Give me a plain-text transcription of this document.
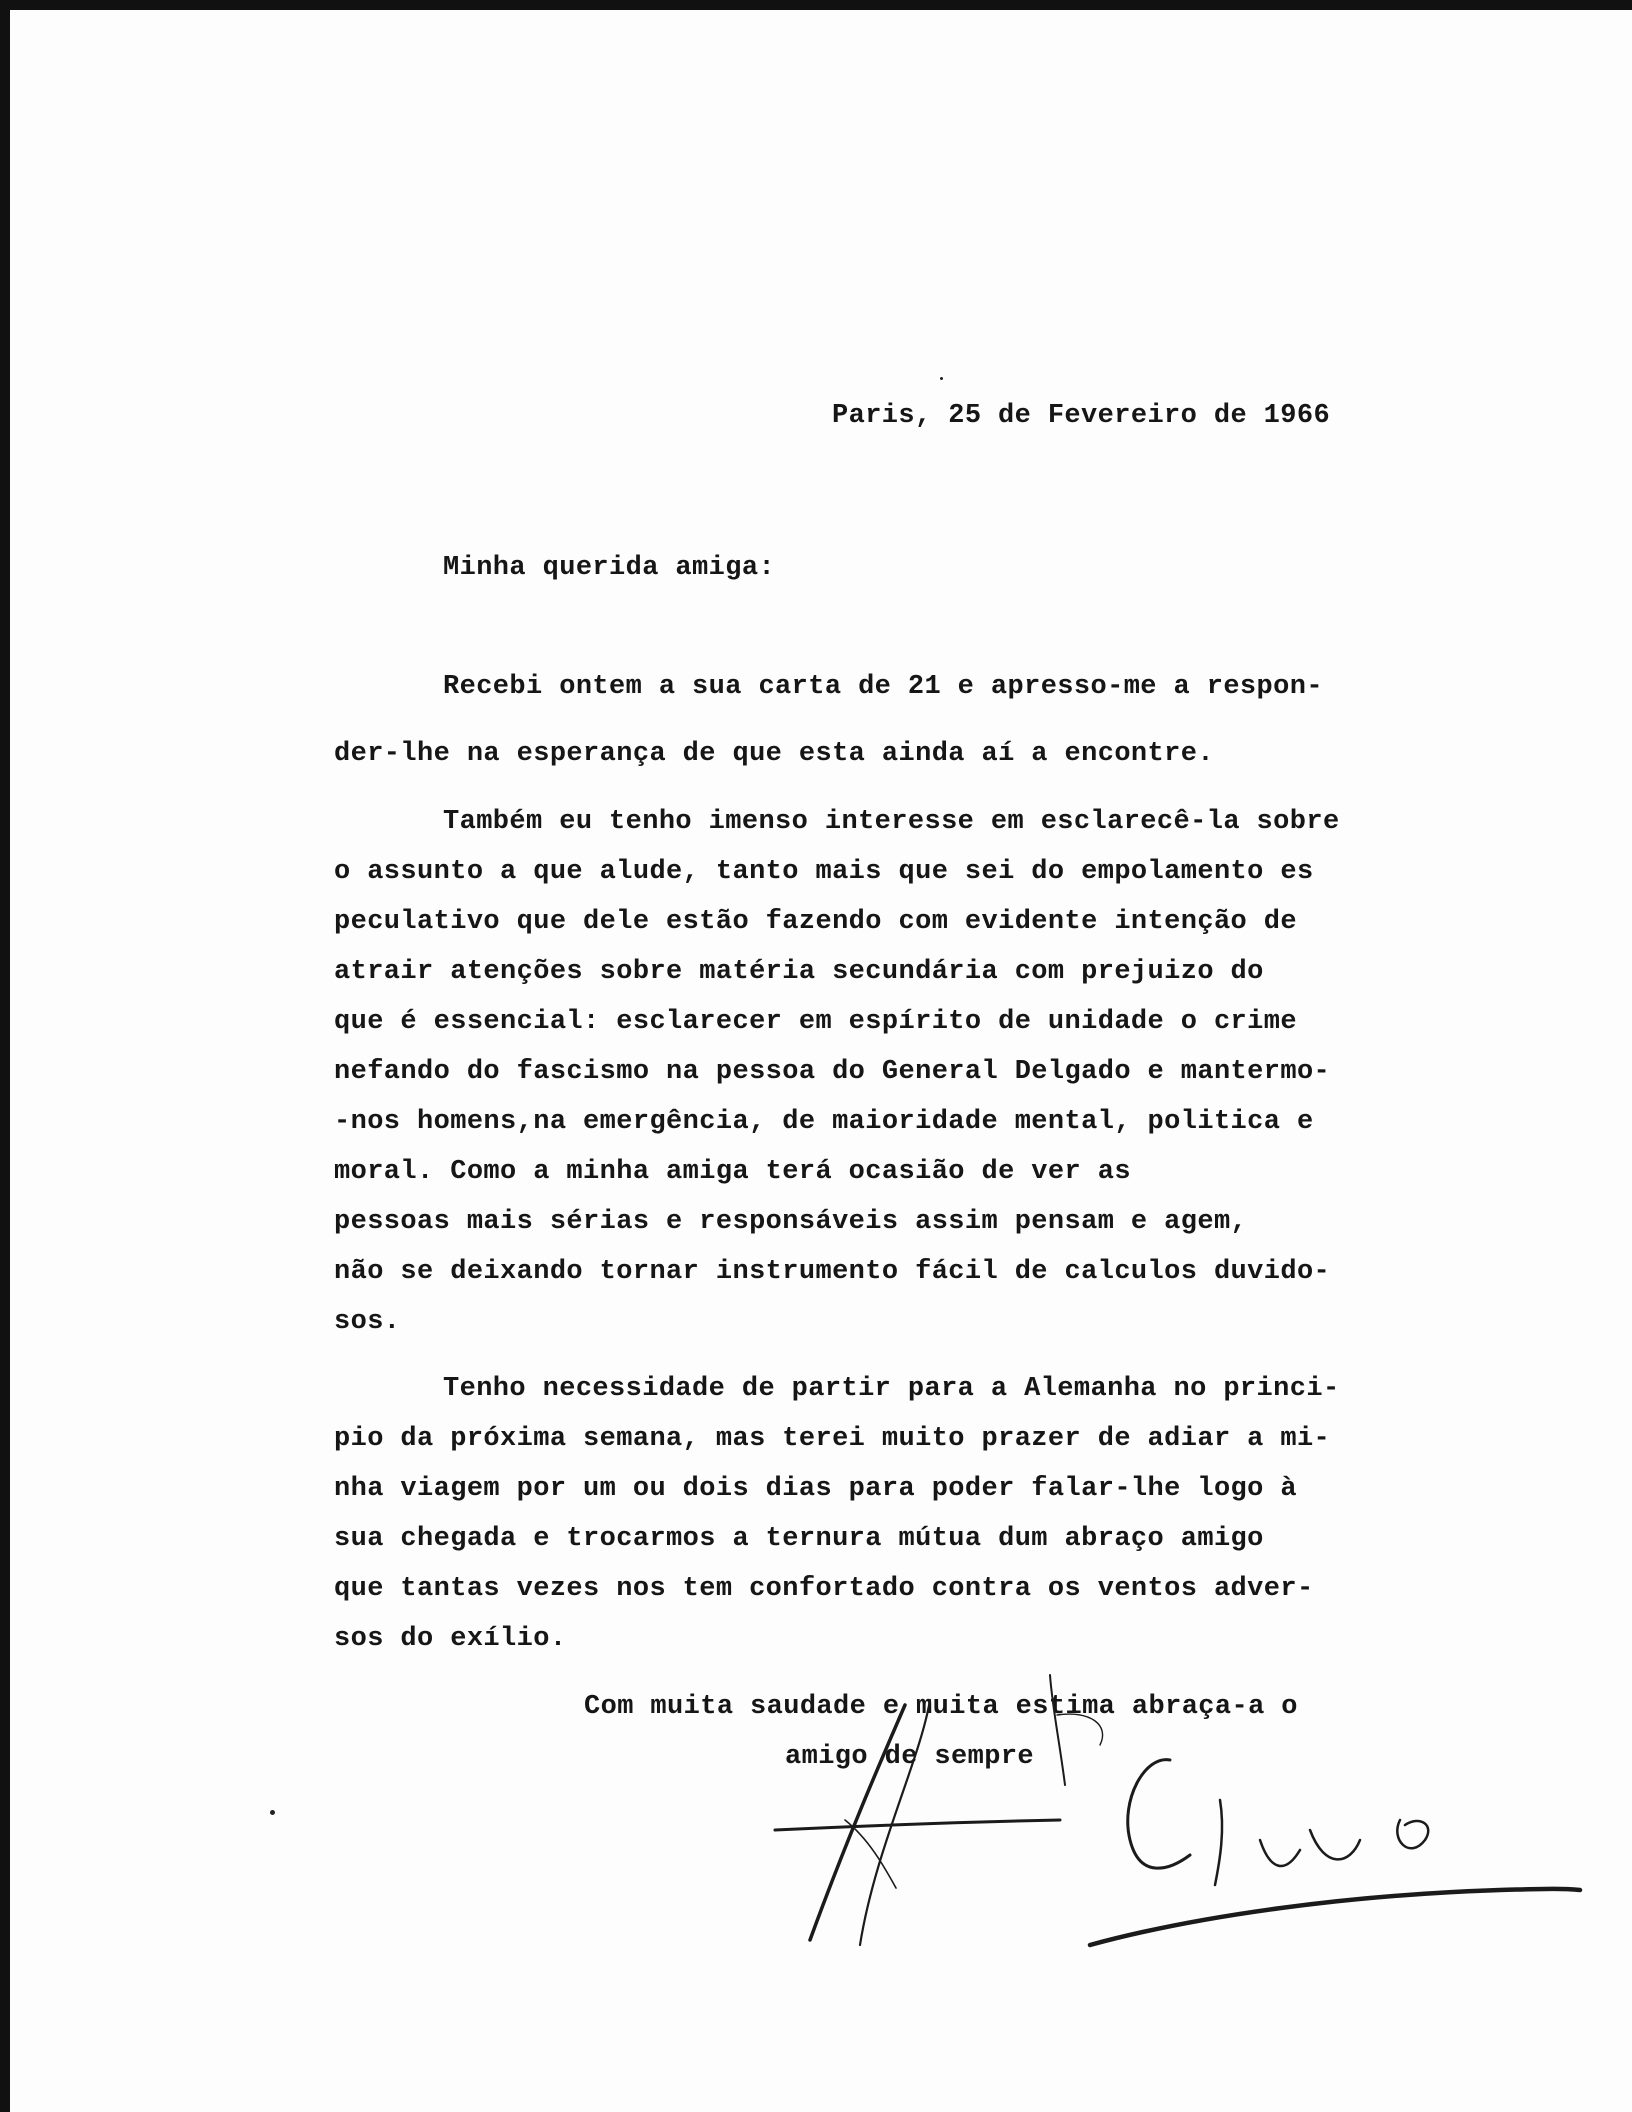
Paris, 25 de Fevereiro de 1966

Minha querida amiga:

Recebi ontem a sua carta de 21 e apresso-me a respon-

der-lhe na esperança de que esta ainda aí a encontre.

Também eu tenho imenso interesse em esclarecê-la sobre

o assunto a que alude, tanto mais que sei do empolamento es

peculativo que dele estão fazendo com evidente intenção de

atrair atenções sobre matéria secundária com prejuizo do

que é essencial: esclarecer em espírito de unidade o crime

nefando do fascismo na pessoa do General Delgado e mantermo-

-nos homens,na emergência, de maioridade mental, politica e

moral. Como a minha amiga terá ocasião de ver as

pessoas mais sérias e responsáveis assim pensam e agem,

não se deixando tornar instrumento fácil de calculos duvido-

sos.

Tenho necessidade de partir para a Alemanha no princi-

pio da próxima semana, mas terei muito prazer de adiar a mi-

nha viagem por um ou dois dias para poder falar-lhe logo à

sua chegada e trocarmos a ternura mútua dum abraço amigo

que tantas vezes nos tem confortado contra os ventos adver-

sos do exílio.

Com muita saudade e muita estima abraça-a o

amigo de sempre
